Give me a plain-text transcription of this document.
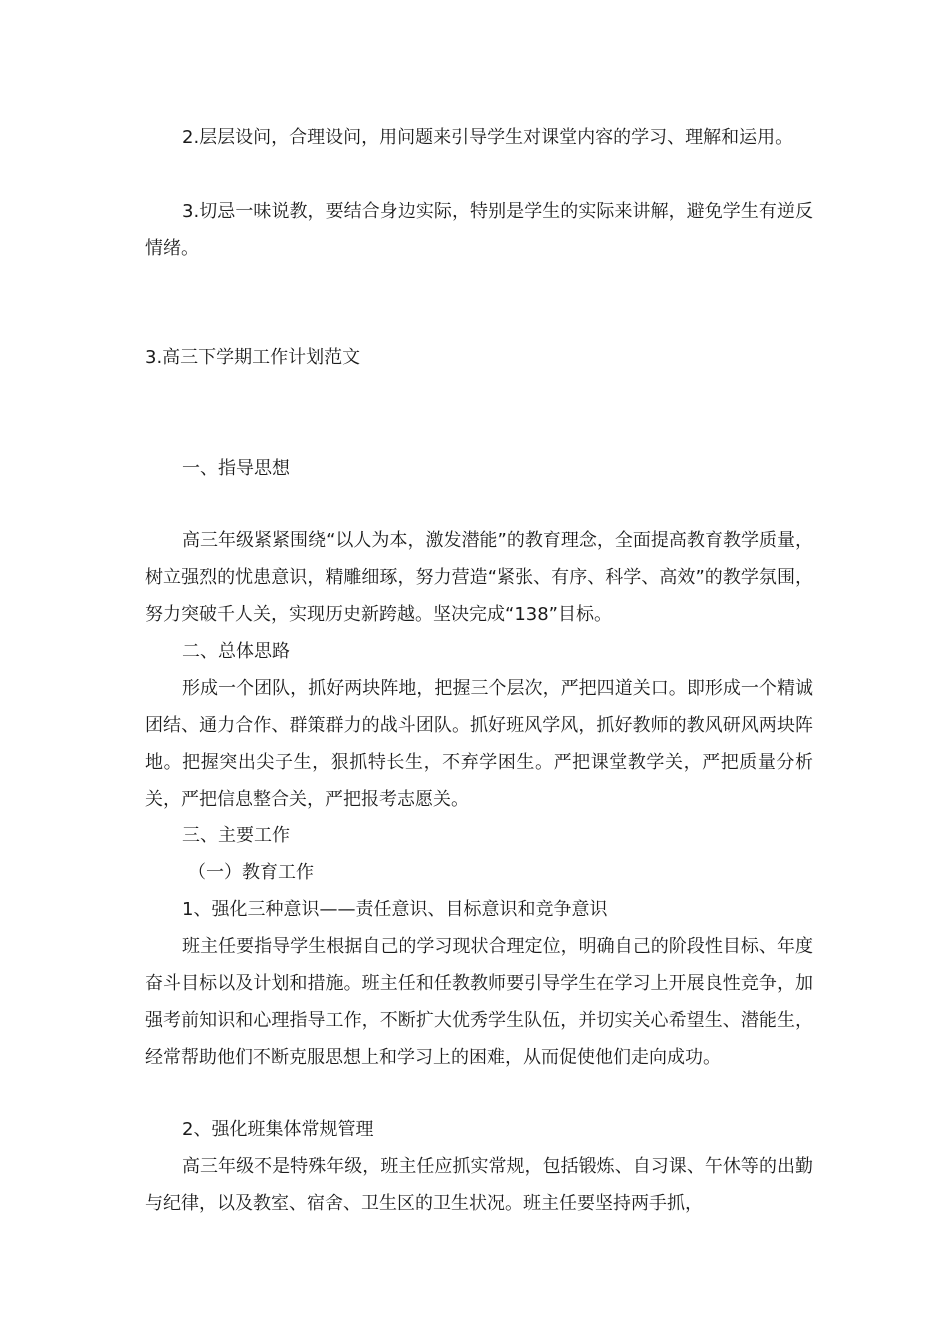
2.层层设问，合理设问，用问题来引导学生对课堂内容的学习、理解和运用。

3.切忌一味说教，要结合身边实际，特别是学生的实际来讲解，避免学生有逆反情绪。

3.高三下学期工作计划范文

一、指导思想

高三年级紧紧围绕“以人为本，激发潜能”的教育理念，全面提高教育教学质量，树立强烈的忧患意识，精雕细琢，努力营造“紧张、有序、科学、高效”的教学氛围，努力突破千人关，实现历史新跨越。坚决完成“138”目标。

二、总体思路

形成一个团队，抓好两块阵地，把握三个层次，严把四道关口。即形成一个精诚团结、通力合作、群策群力的战斗团队。抓好班风学风，抓好教师的教风研风两块阵地。把握突出尖子生，狠抓特长生，不弃学困生。严把课堂教学关，严把质量分析关，严把信息整合关，严把报考志愿关。

三、主要工作

（一）教育工作

1、强化三种意识——责任意识、目标意识和竞争意识

班主任要指导学生根据自己的学习现状合理定位，明确自己的阶段性目标、年度奋斗目标以及计划和措施。班主任和任教教师要引导学生在学习上开展良性竞争，加强考前知识和心理指导工作，不断扩大优秀学生队伍，并切实关心希望生、潜能生，经常帮助他们不断克服思想上和学习上的困难，从而促使他们走向成功。

2、强化班集体常规管理

高三年级不是特殊年级，班主任应抓实常规，包括锻炼、自习课、午休等的出勤与纪律，以及教室、宿舍、卫生区的卫生状况。班主任要坚持两手抓，
